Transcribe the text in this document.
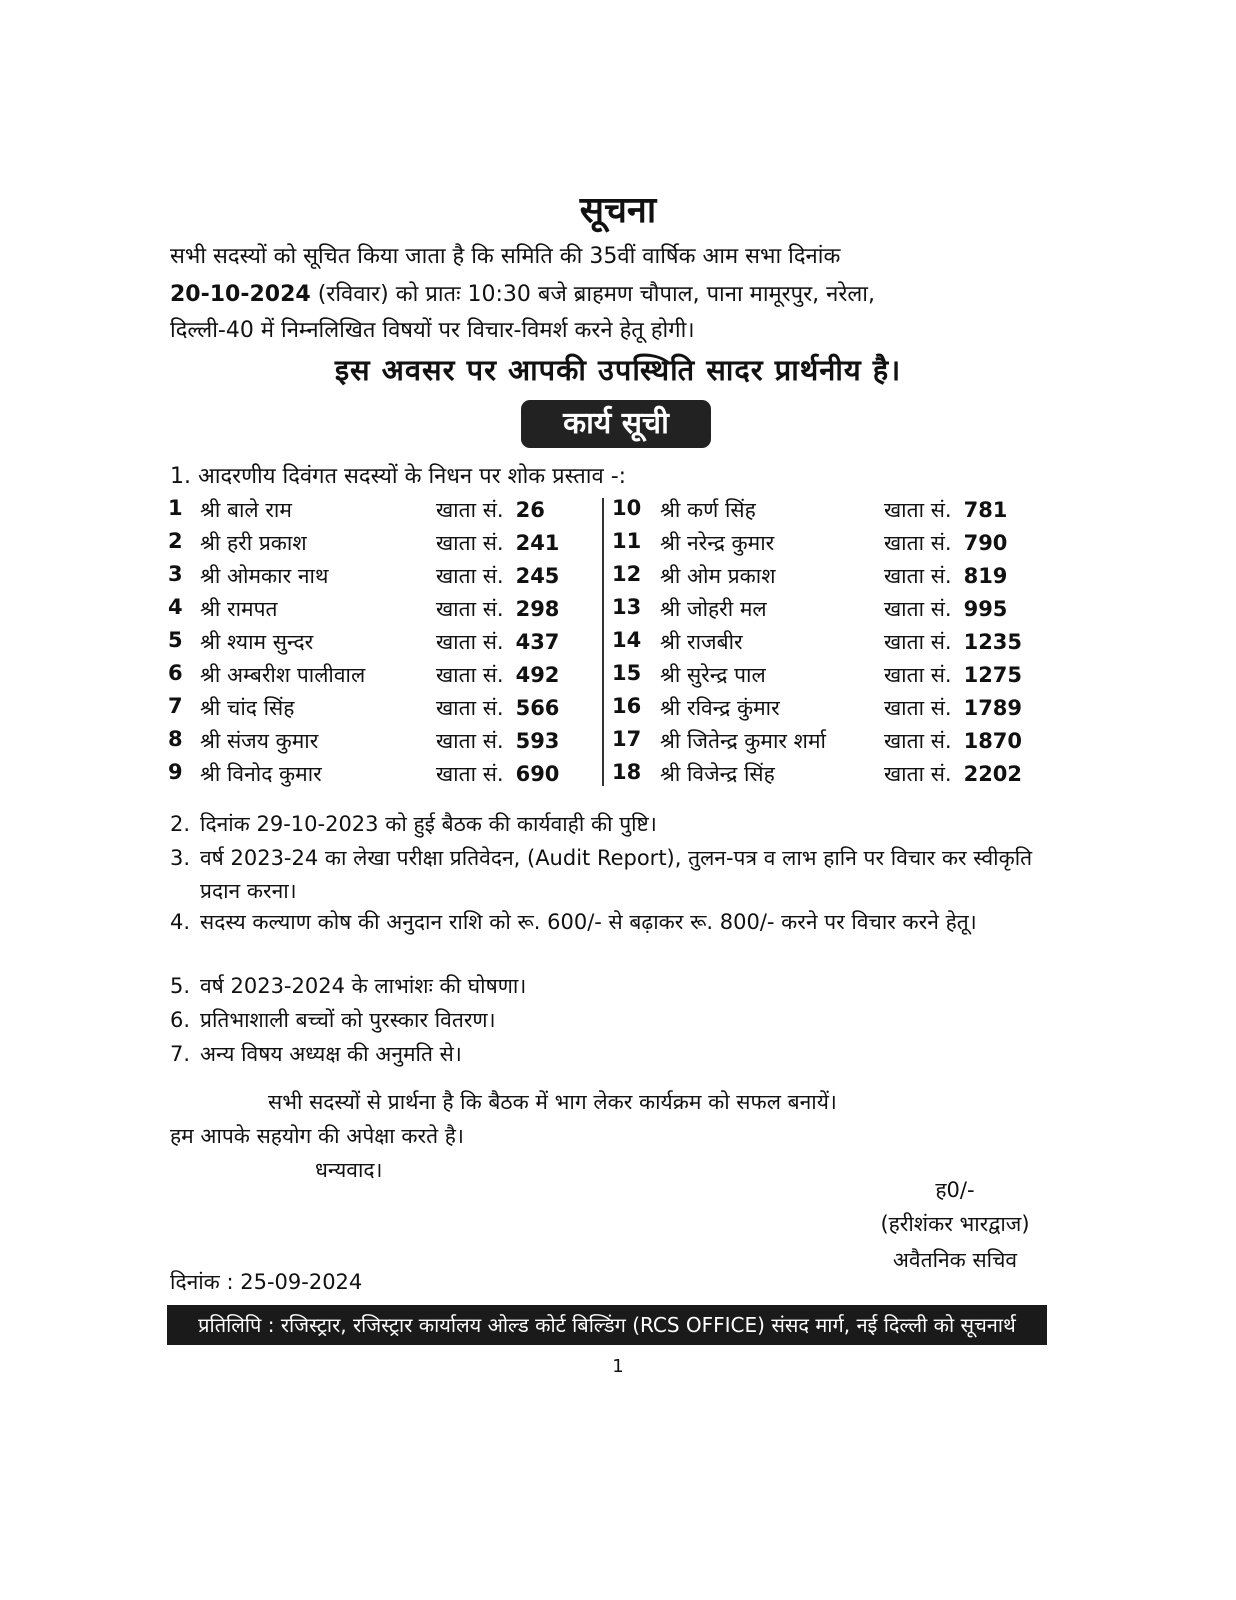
सूचना
सभी सदस्यों को सूचित किया जाता है कि समिति की 35वीं वार्षिक आम सभा दिनांक
20-10-2024 (रविवार) को प्रातः 10:30 बजे ब्राहमण चौपाल, पाना मामूरपुर, नरेला,
दिल्ली-40 में निम्नलिखित विषयों पर विचार-विमर्श करने हेतू होगी।
इस अवसर पर आपकी उपस्थिति सादर प्रार्थनीय है।
कार्य सूची
1. आदरणीय दिवंगत सदस्यों के निधन पर शोक प्रस्ताव -:
1 श्री बाले राम	खाता सं. 26
2 श्री हरी प्रकाश	खाता सं. 241
3 श्री ओमकार नाथ	खाता सं. 245
4 श्री रामपत	खाता सं. 298
5 श्री श्याम सुन्दर	खाता सं. 437
6 श्री अम्बरीश पालीवाल	खाता सं. 492
7 श्री चांद सिंह	खाता सं. 566
8 श्री संजय कुमार	खाता सं. 593
9 श्री विनोद कुमार	खाता सं. 690
10 श्री कर्ण सिंह	खाता सं. 781
11 श्री नरेन्द्र कुमार	खाता सं. 790
12 श्री ओम प्रकाश	खाता सं. 819
13 श्री जोहरी मल	खाता सं. 995
14 श्री राजबीर	खाता सं. 1235
15 श्री सुरेन्द्र पाल	खाता सं. 1275
16 श्री रविन्द्र कुंमार	खाता सं. 1789
17 श्री जितेन्द्र कुमार शर्मा	खाता सं. 1870
18 श्री विजेन्द्र सिंह	खाता सं. 2202
2. दिनांक 29-10-2023 को हुई बैठक की कार्यवाही की पुष्टि।
3. वर्ष 2023-24 का लेखा परीक्षा प्रतिवेदन, (Audit Report), तुलन-पत्र व लाभ हानि पर विचार कर स्वीकृति प्रदान करना।
4. सदस्य कल्याण कोष की अनुदान राशि को रू. 600/- से बढ़ाकर रू. 800/- करने पर विचार करने हेतू।
5. वर्ष 2023-2024 के लाभांशः की घोषणा।
6. प्रतिभाशाली बच्चों को पुरस्कार वितरण।
7. अन्य विषय अध्यक्ष की अनुमति से।
सभी सदस्यों से प्रार्थना है कि बैठक में भाग लेकर कार्यक्रम को सफल बनायें।
हम आपके सहयोग की अपेक्षा करते है।
धन्यवाद।
ह0/-
(हरीशंकर भारद्वाज)
अवैतनिक सचिव
दिनांक : 25-09-2024
प्रतिलिपि : रजिस्ट्रार, रजिस्ट्रार कार्यालय ओल्ड कोर्ट बिल्डिंग (RCS OFFICE) संसद मार्ग, नई दिल्ली को सूचनार्थ
1
